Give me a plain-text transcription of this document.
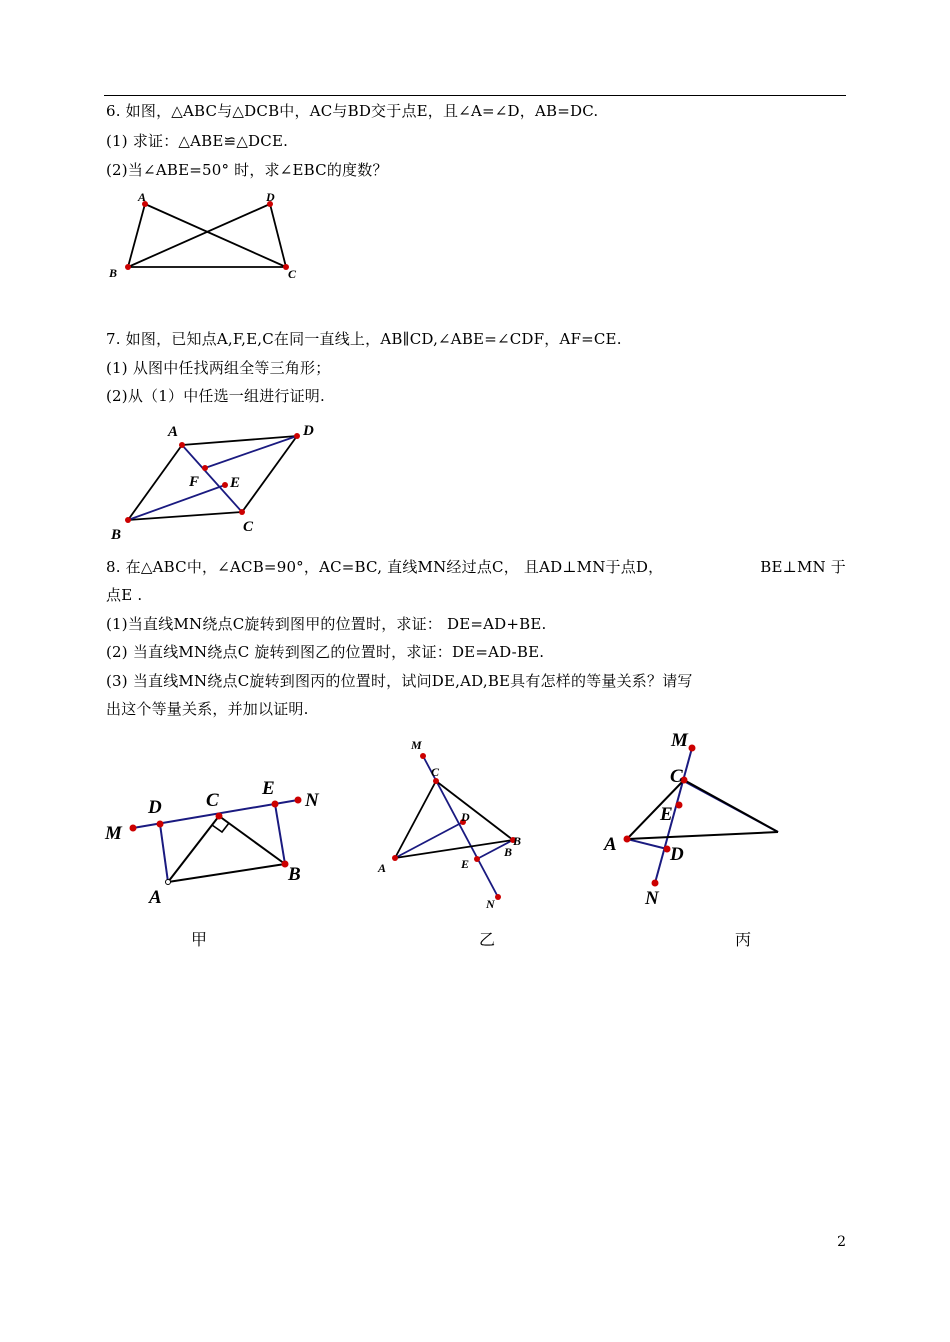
6. 如图，△ABC与△DCB中，AC与BD交于点E，且∠A=∠D，AB=DC.
(1) 求证：△ABE≌△DCE.
(2)当∠ABE=50° 时，求∠EBC的度数？
A	D
B	C
7. 如图，已知点A,F,E,C在同一直线上，AB∥CD,∠ABE=∠CDF，AF=CE.
(1) 从图中任找两组全等三角形；
(2)从（1）中任选一组进行证明.
A	D
F E
B	C
8. 在△ABC中，∠ACB=90°，AC=BC, 直线MN经过点C， 且AD⊥MN于点D，	BE⊥MN 于
点E .
(1)当直线MN绕点C旋转到图甲的位置时，求证： DE=AD+BE.
(2) 当直线MN绕点C 旋转到图乙的位置时，求证：DE=AD-BE.
(3) 当直线MN绕点C旋转到图丙的位置时，试问DE,AD,BE具有怎样的等量关系？请写
出这个等量关系，并加以证明.
M
D C
E
N
A
B
M
C
D
A
B
B
E
N
M
C
E
A	D
N
甲	乙	丙
2
